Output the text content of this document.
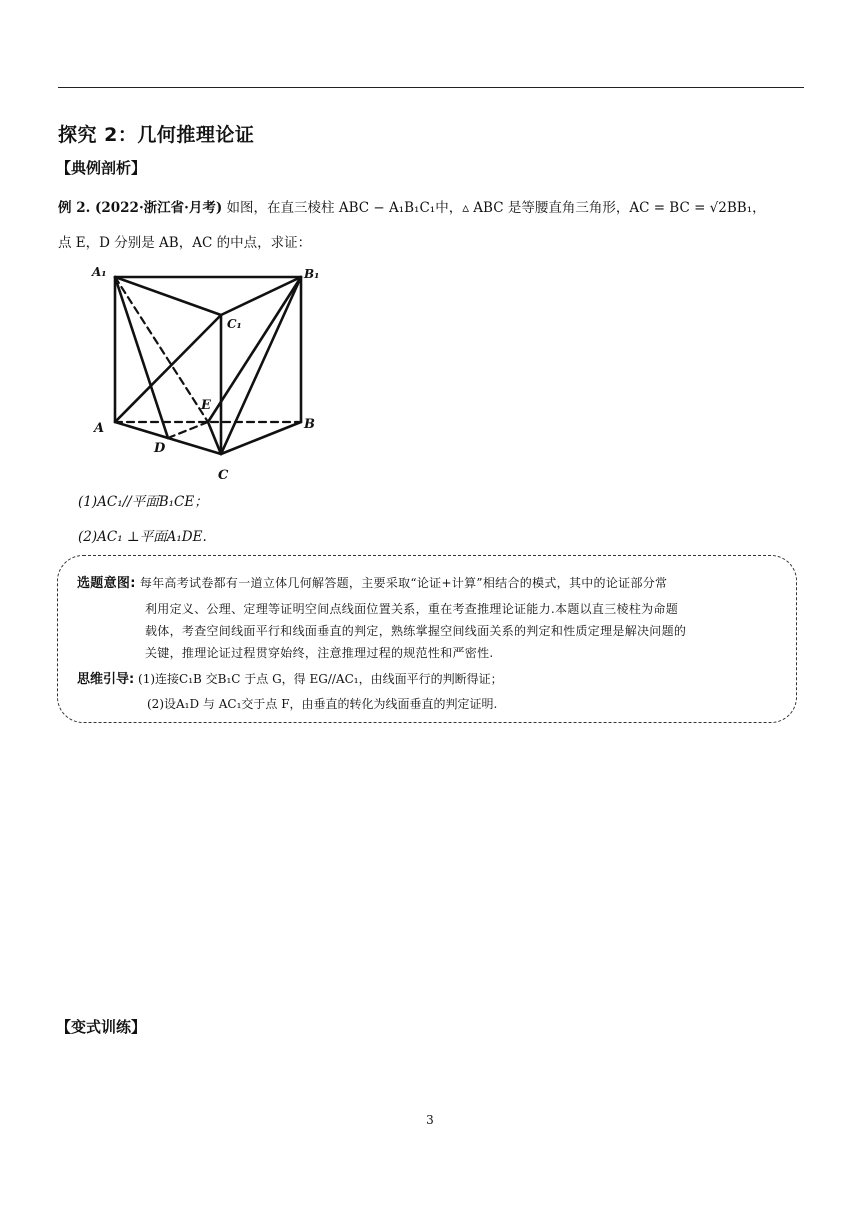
探究 2：几何推理论证
【典例剖析】
例 2. (2022·浙江省·月考) 如图，在直三棱柱 ABC − A₁B₁C₁中，▵ ABC 是等腰直角三角形，AC = BC = √2BB₁，
点 E，D 分别是 AB，AC 的中点，求证：
A₁	B₁
C₁
A	B
C
D
E
(1)AC₁//平面B₁CE；
(2)AC₁ ⊥平面A₁DE.
选题意图: 每年高考试卷都有一道立体几何解答题，主要采取“论证+计算”相结合的模式，其中的论证部分常
利用定义、公理、定理等证明空间点线面位置关系，重在考查推理论证能力.本题以直三棱柱为命题
载体，考查空间线面平行和线面垂直的判定，熟练掌握空间线面关系的判定和性质定理是解决问题的
关键，推理论证过程贯穿始终，注意推理过程的规范性和严密性.
思维引导: (1)连接C₁B 交B₁C 于点 G，得 EG//AC₁，由线面平行的判断得证；
(2)设A₁D 与 AC₁交于点 F，由垂直的转化为线面垂直的判定证明.
【变式训练】
3
